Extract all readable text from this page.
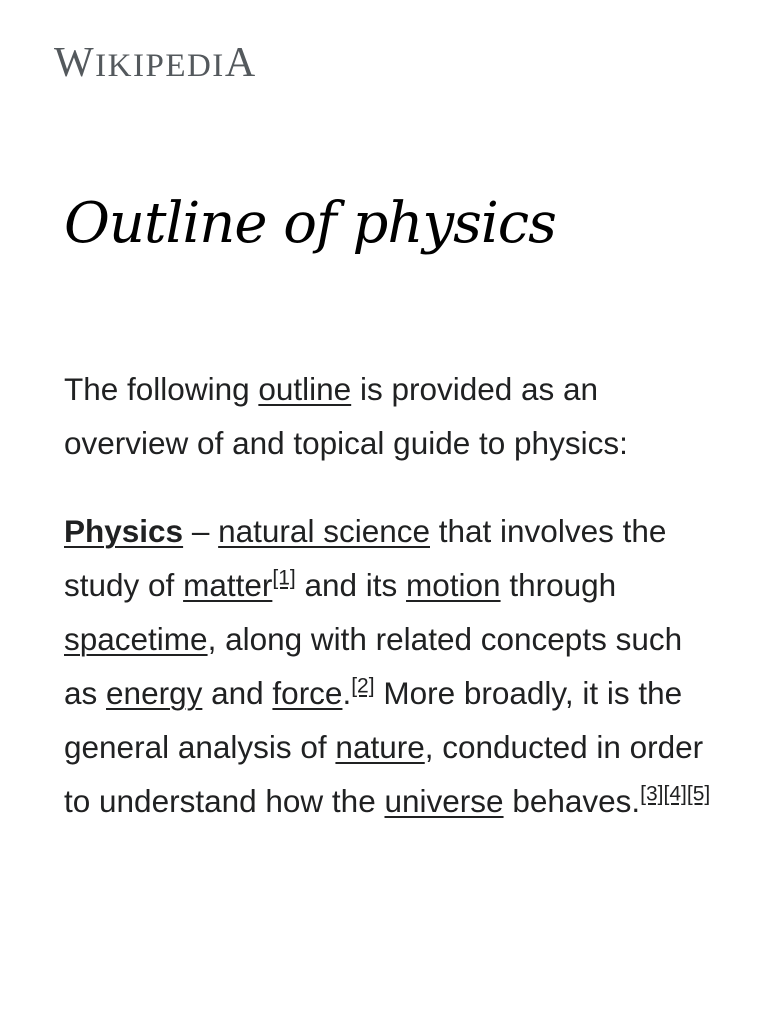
WIKIPEDIA
Outline of physics

The following outline is provided as an overview of and topical guide to physics:

Physics – natural science that involves the study of matter[1] and its motion through spacetime, along with related concepts such as energy and force.[2] More broadly, it is the general analysis of nature, conducted in order to understand how the universe behaves.[3][4][5]
